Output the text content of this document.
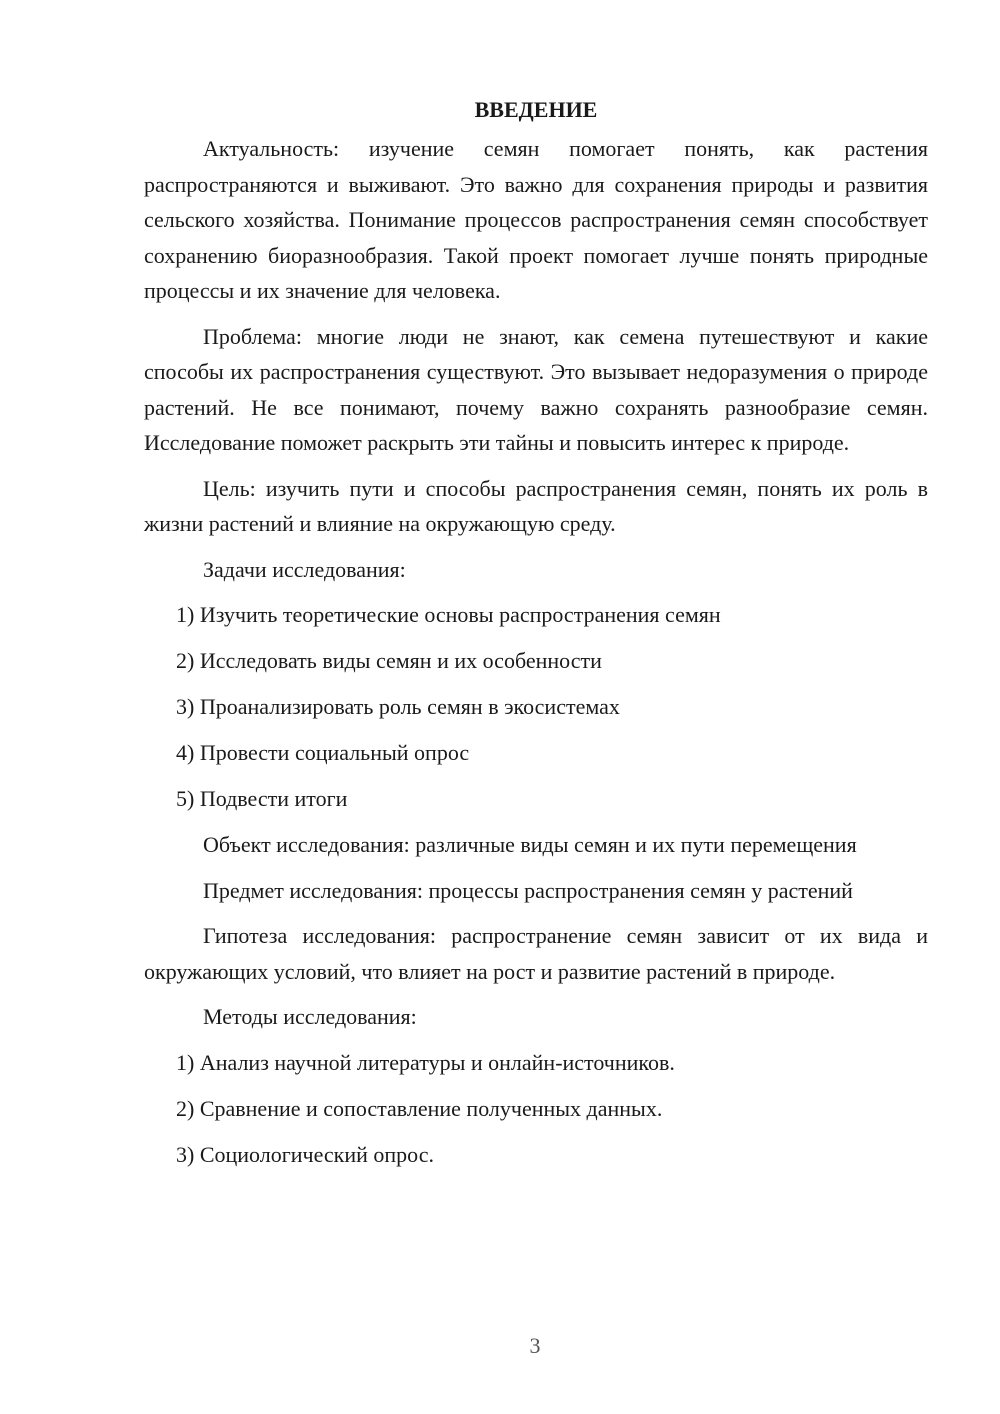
ВВЕДЕНИЕ

Актуальность: изучение семян помогает понять, как растения распространяются и выживают. Это важно для сохранения природы и развития сельского хозяйства. Понимание процессов распространения семян способствует сохранению биоразнообразия. Такой проект помогает лучше понять природные процессы и их значение для человека.

Проблема: многие люди не знают, как семена путешествуют и какие способы их распространения существуют. Это вызывает недоразумения о природе растений. Не все понимают, почему важно сохранять разнообразие семян. Исследование поможет раскрыть эти тайны и повысить интерес к природе.

Цель: изучить пути и способы распространения семян, понять их роль в жизни растений и влияние на окружающую среду.

Задачи исследования:

1) Изучить теоретические основы распространения семян
2) Исследовать виды семян и их особенности
3) Проанализировать роль семян в экосистемах
4) Провести социальный опрос
5) Подвести итоги

Объект исследования: различные виды семян и их пути перемещения

Предмет исследования: процессы распространения семян у растений

Гипотеза исследования: распространение семян зависит от их вида и окружающих условий, что влияет на рост и развитие растений в природе.

Методы исследования:

1) Анализ научной литературы и онлайн-источников.
2) Сравнение и сопоставление полученных данных.
3) Социологический опрос.
3
